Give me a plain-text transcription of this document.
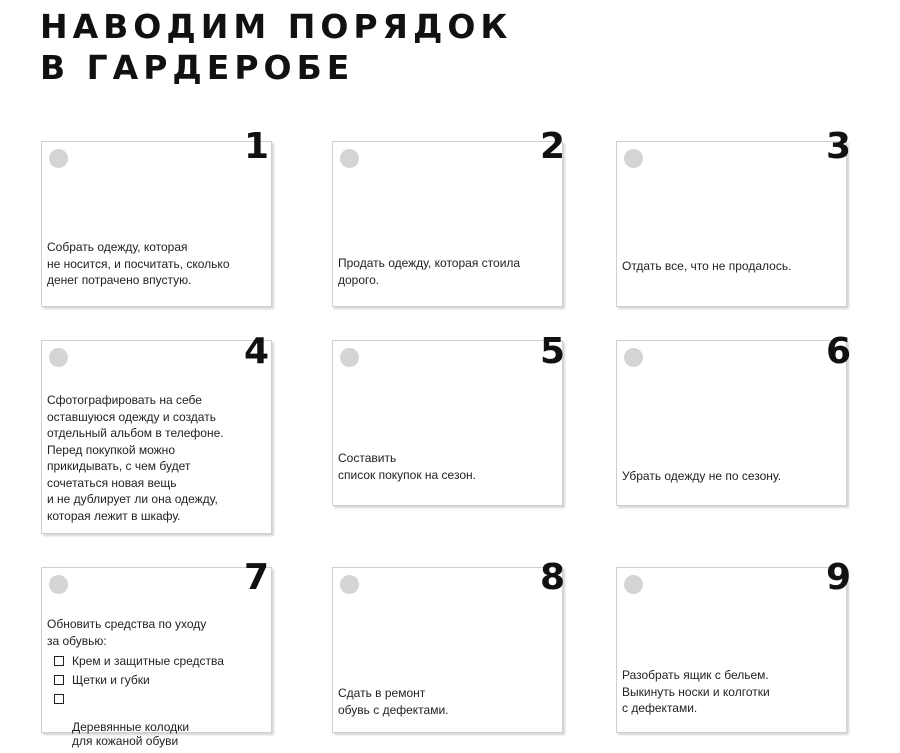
НАВОДИМ ПОРЯДОК
В ГАРДЕРОБЕ

Собрать одежду, которая
не носится, и посчитать, сколько
денег потрачено впустую.

1

Продать одежду, которая стоила
дорого.

2

Отдать все, что не продалось.

3

Сфотографировать на себе
оставшуюся одежду и создать
отдельный альбом в телефоне.
Перед покупкой можно
прикидывать, с чем будет
сочетаться новая вещь
и не дублирует ли она одежду,
которая лежит в шкафу.

4

Составить
список покупок на сезон.

5

Убрать одежду не по сезону.

6

Обновить средства по уходу
за обувью:

Крем и защитные средства
Щетки и губки

Деревянные колодки
для кожаной обуви

7

Сдать в ремонт
обувь с дефектами.

8

Разобрать ящик с бельем.
Выкинуть носки и колготки
с дефектами.

9
